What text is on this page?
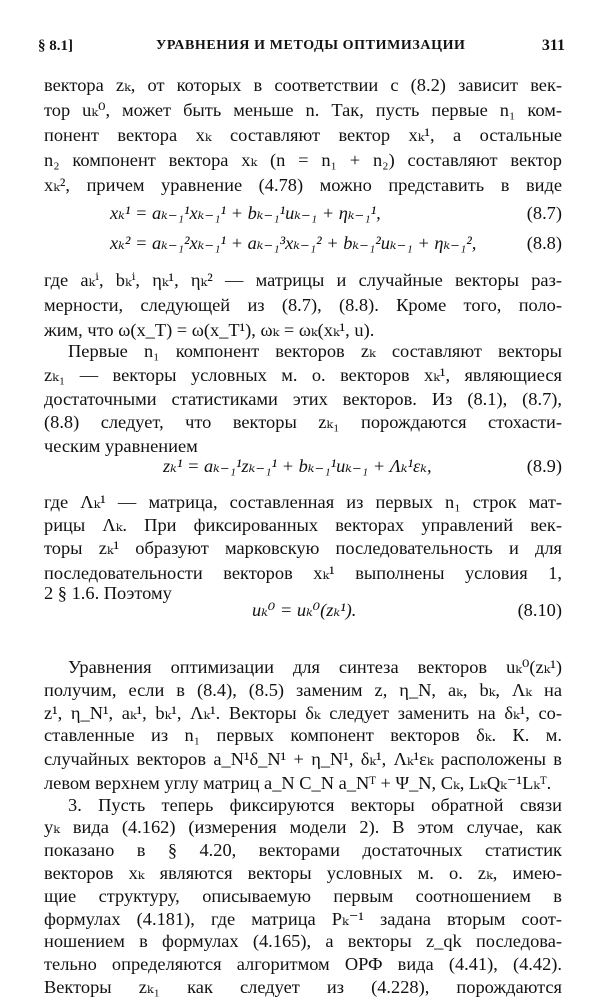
§ 8.1]	УРАВНЕНИЯ И МЕТОДЫ ОПТИМИЗАЦИИ	311
вектора zₖ, от которых в соответствии с (8.2) зависит век-
тор uₖ⁰, может быть меньше n. Так, пусть первые n₁ ком-
понент вектора xₖ составляют вектор xₖ¹, а остальные
n₂ компонент вектора xₖ (n = n₁ + n₂) составляют вектор
xₖ², причем уравнение (4.78) можно представить в виде
xₖ¹ = aₖ₋₁¹xₖ₋₁¹ + bₖ₋₁¹uₖ₋₁ + ηₖ₋₁¹,	(8.7)
xₖ² = aₖ₋₁²xₖ₋₁¹ + aₖ₋₁³xₖ₋₁² + bₖ₋₁²uₖ₋₁ + ηₖ₋₁²,	(8.8)
где aₖⁱ, bₖⁱ, ηₖ¹, ηₖ² — матрицы и случайные векторы раз-
мерности, следующей из (8.7), (8.8). Кроме того, поло-
жим, что ω(x_T) = ω(x_T¹), ωₖ = ωₖ(xₖ¹, u).
Первые n₁ компонент векторов zₖ составляют векторы
zₖ₁ — векторы условных м. о. векторов xₖ¹, являющиеся
достаточными статистиками этих векторов. Из (8.1), (8.7),
(8.8) следует, что векторы zₖ₁ порождаются стохасти-
ческим уравнением
zₖ¹ = aₖ₋₁¹zₖ₋₁¹ + bₖ₋₁¹uₖ₋₁ + Λₖ¹εₖ,	(8.9)
где Λₖ¹ — матрица, составленная из первых n₁ строк мат-
рицы Λₖ. При фиксированных векторах управлений век-
торы zₖ¹ образуют марковскую последовательность и для
последовательности векторов xₖ¹ выполнены условия 1,
2 § 1.6. Поэтому
uₖ⁰ = uₖ⁰(zₖ¹).	(8.10)
Уравнения оптимизации для синтеза векторов uₖ⁰(zₖ¹)
получим, если в (8.4), (8.5) заменим z, η_N, aₖ, bₖ, Λₖ на
z¹, η_N¹, aₖ¹, bₖ¹, Λₖ¹. Векторы δₖ следует заменить на δₖ¹, со-
ставленные из n₁ первых компонент векторов δₖ. К. м.
случайных векторов a_N¹δ_N¹ + η_N¹, δₖ¹, Λₖ¹εₖ расположены в
левом верхнем углу матриц a_N C_N a_Nᵀ + Ψ_N, Cₖ, LₖQₖ⁻¹Lₖᵀ.
3. Пусть теперь фиксируются векторы обратной связи
yₖ вида (4.162) (измерения модели 2). В этом случае, как
показано в § 4.20, векторами достаточных статистик
векторов xₖ являются векторы условных м. о. zₖ, имею-
щие структуру, описываемую первым соотношением в
формулах (4.181), где матрица Pₖ⁻¹ задана вторым соот-
ношением в формулах (4.165), а векторы z_qk последова-
тельно определяются алгоритмом ОРФ вида (4.41), (4.42).
Векторы zₖ₁ как следует из (4.228), порождаются
